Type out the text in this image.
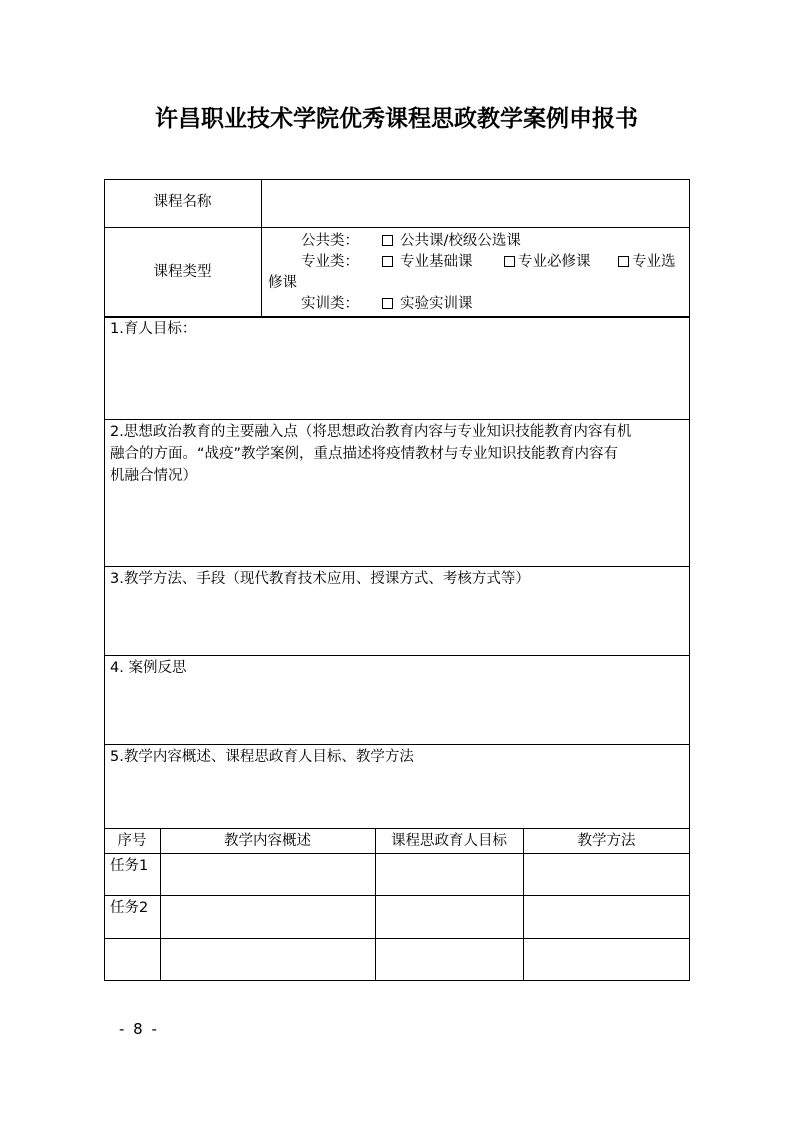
许昌职业技术学院优秀课程思政教学案例申报书
课程名称
课程类型
公共类：	公共课/校级公选课
专业类：	专业基础课	专业必修课	专业选
修课
实训类：	实验实训课
1.育人目标：
2.思想政治教育的主要融入点（将思想政治教育内容与专业知识技能教育内容有机
融合的方面。“战疫”教学案例，重点描述将疫情教材与专业知识技能教育内容有
机融合情况）
3.教学方法、手段（现代教育技术应用、授课方式、考核方式等）
4. 案例反思
5.教学内容概述、课程思政育人目标、教学方法
序号	教学内容概述	课程思政育人目标	教学方法
任务1
任务2
- 8 -
